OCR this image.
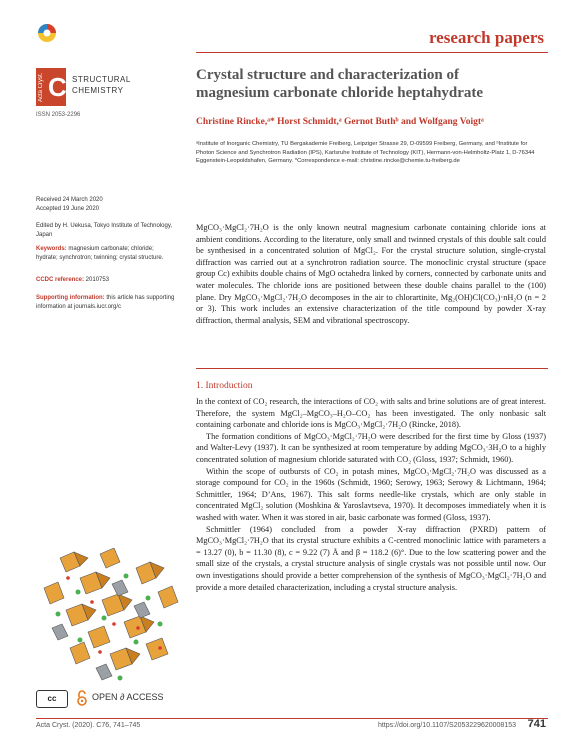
research papers
Acta Cryst. C STRUCTURAL
CHEMISTRY
ISSN 2053-2296
Received 24 March 2020
Accepted 19 June 2020
Edited by H. Uekusa, Tokyo Institute of Technology, Japan
Keywords: magnesium carbonate; chloride; hydrate; synchrotron; twinning; crystal structure.
CCDC reference: 2010753
Supporting information: this article has supporting information at journals.iucr.org/c
Crystal structure and characterization of magnesium carbonate chloride heptahydrate
Christine Rincke,ᵃ* Horst Schmidt,ᵃ Gernot Buthᵇ and Wolfgang Voigtᵃ
ᵃInstitute of Inorganic Chemistry, TU Bergakademie Freiberg, Leipziger Strasse 29, D-09599 Freiberg, Germany, and ᵇInstitute for Photon Science and Synchrotron Radiation (IPS), Karlsruhe Institute of Technology (KIT), Hermann-von-Helmholtz-Platz 1, D-76344 Eggenstein-Leopoldshafen, Germany. *Correspondence e-mail: christine.rincke@chemie.tu-freiberg.de
MgCO₃·MgCl₂·7H₂O is the only known neutral magnesium carbonate containing chloride ions at ambient conditions. According to the literature, only small and twinned crystals of this double salt could be synthesised in a concentrated solution of MgCl₂. For the crystal structure solution, single-crystal diffraction was carried out at a synchrotron radiation source. The monoclinic crystal structure (space group Cc) exhibits double chains of MgO octahedra linked by corners, connected by carbonate units and water molecules. The chloride ions are positioned between these double chains parallel to the (100) plane. Dry MgCO₃·MgCl₂·7H₂O decomposes in the air to chlorartinite, Mg₂(OH)Cl(CO₃)·nH₂O (n = 2 or 3). This work includes an extensive characterization of the title compound by powder X-ray diffraction, thermal analysis, SEM and vibrational spectroscopy.
1. Introduction

In the context of CO₂ research, the interactions of CO₂ with salts and brine solutions are of great interest. Therefore, the system MgCl₂–MgCO₃–H₂O–CO₂ has been investigated. The only nonbasic salt containing carbonate and chloride ions is MgCO₃·MgCl₂·7H₂O (Rincke, 2018).

The formation conditions of MgCO₃·MgCl₂·7H₂O were described for the first time by Gloss (1937) and Walter-Levy (1937). It can be synthesized at room temperature by adding MgCO₃·3H₂O to a highly concentrated solution of magnesium chloride saturated with CO₂ (Gloss, 1937; Schmidt, 1960).

Within the scope of outbursts of CO₂ in potash mines, MgCO₃·MgCl₂·7H₂O was discussed as a storage compound for CO₂ in the 1960s (Schmidt, 1960; Serowy, 1963; Serowy & Lichtmann, 1964; Schmittler, 1964; D’Ans, 1967). This salt forms needle-like crystals, which are only stable in concentrated MgCl₂ solution (Moshkina & Yaroslavtseva, 1970). It decomposes immediately when it is washed with water. When it was stored in air, basic carbonate was formed (Gloss, 1937).

Schmittler (1964) concluded from a powder X-ray diffraction (PXRD) pattern of MgCO₃·MgCl₂·7H₂O that its crystal structure exhibits a C-centred monoclinic lattice with parameters a = 13.27 (0), b = 11.30 (8), c = 9.22 (7) Å and β = 118.2 (6)°. Due to the low scattering power and the small size of the crystals, a crystal structure analysis of single crystals was not possible until now. Our own investigations should provide a better comprehension of the synthesis of MgCO₃·MgCl₂·7H₂O and provide a more detailed characterization, including a crystal structure analysis.

cc	OPEN ∂ ACCESS
Acta Cryst. (2020). C76, 741–745	https://doi.org/10.1107/S2053229620008153 741
